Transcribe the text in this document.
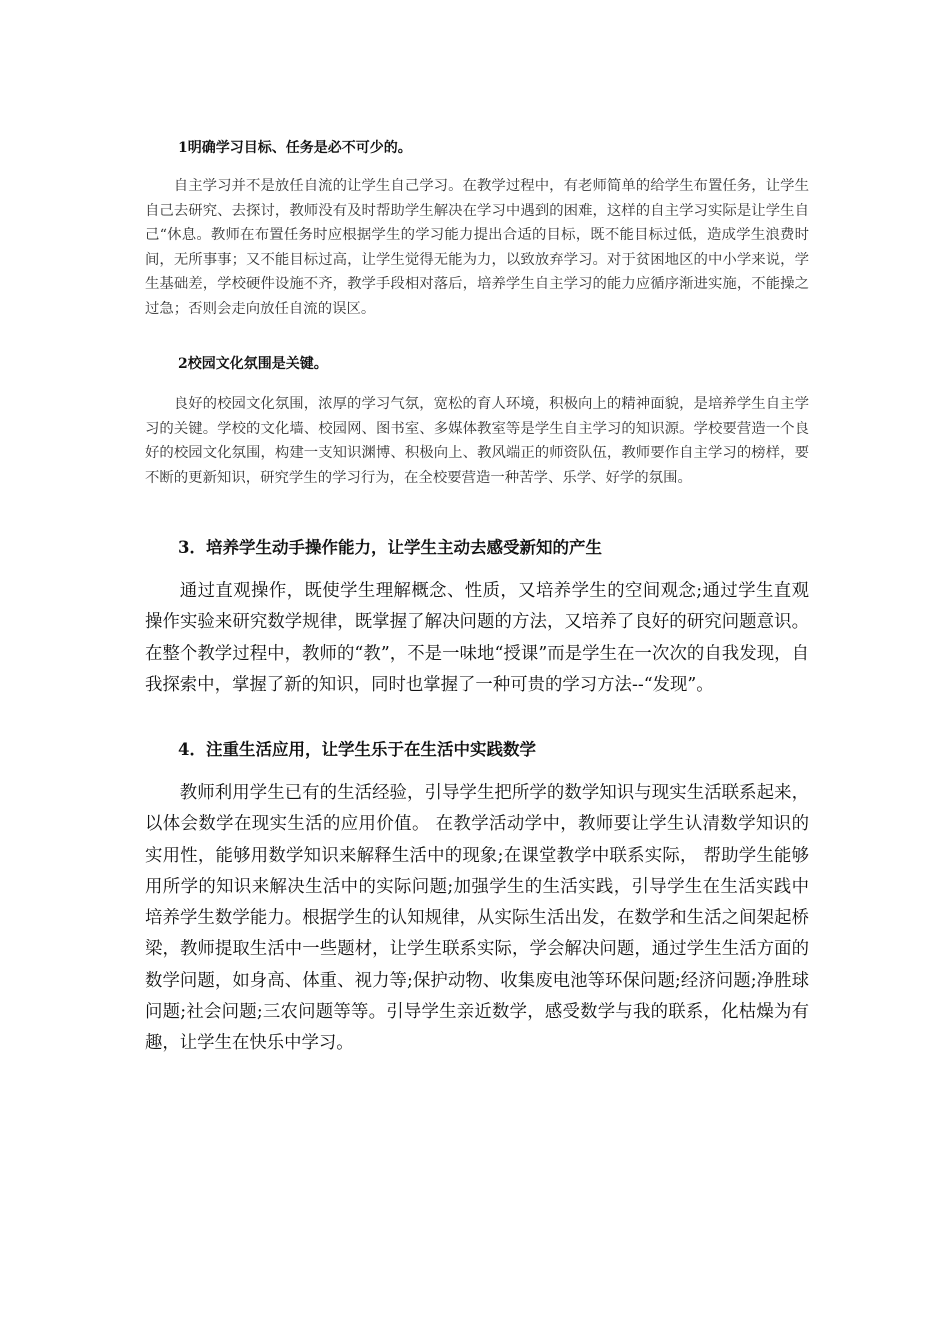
1明确学习目标、任务是必不可少的。
自主学习并不是放任自流的让学生自己学习。在教学过程中，有老师简单的给学生布置任务，让学生自己去研究、去探讨，教师没有及时帮助学生解决在学习中遇到的困难，这样的自主学习实际是让学生自己“休息。教师在布置任务时应根据学生的学习能力提出合适的目标，既不能目标过低，造成学生浪费时间，无所事事；又不能目标过高，让学生觉得无能为力，以致放弃学习。对于贫困地区的中小学来说，学生基础差，学校硬件设施不齐，教学手段相对落后，培养学生自主学习的能力应循序渐进实施，不能操之过急；否则会走向放任自流的误区。
2校园文化氛围是关键。
良好的校园文化氛围，浓厚的学习气氛，宽松的育人环境，积极向上的精神面貌，是培养学生自主学习的关键。学校的文化墙、校园网、图书室、多媒体教室等是学生自主学习的知识源。学校要营造一个良好的校园文化氛围，构建一支知识渊博、积极向上、教风端正的师资队伍，教师要作自主学习的榜样，要不断的更新知识，研究学生的学习行为，在全校要营造一种苦学、乐学、好学的氛围。
3．培养学生动手操作能力，让学生主动去感受新知的产生
通过直观操作，既使学生理解概念、性质，又培养学生的空间观念;通过学生直观操作实验来研究数学规律，既掌握了解决问题的方法，又培养了良好的研究问题意识。在整个教学过程中，教师的“教”，不是一味地“授课”而是学生在一次次的自我发现，自我探索中，掌握了新的知识，同时也掌握了一种可贵的学习方法--“发现”。
4．注重生活应用，让学生乐于在生活中实践数学
教师利用学生已有的生活经验，引导学生把所学的数学知识与现实生活联系起来，以体会数学在现实生活的应用价值。 在教学活动学中，教师要让学生认清数学知识的实用性，能够用数学知识来解释生活中的现象;在课堂教学中联系实际， 帮助学生能够用所学的知识来解决生活中的实际问题;加强学生的生活实践，引导学生在生活实践中培养学生数学能力。根据学生的认知规律，从实际生活出发，在数学和生活之间架起桥梁，教师提取生活中一些题材，让学生联系实际，学会解决问题，通过学生生活方面的数学问题，如身高、体重、视力等;保护动物、收集废电池等环保问题;经济问题;净胜球问题;社会问题;三农问题等等。引导学生亲近数学，感受数学与我的联系，化枯燥为有趣，让学生在快乐中学习。
